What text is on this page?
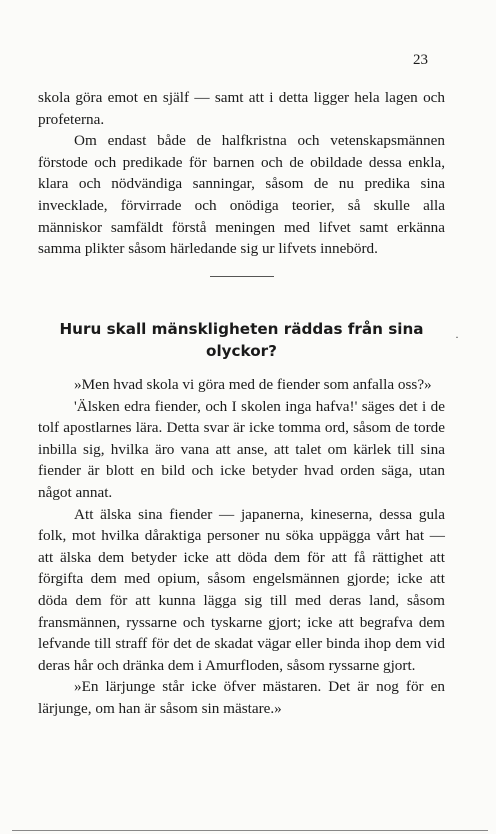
23

skola göra emot en själf — samt att i detta ligger hela lagen och profeterna.

Om endast både de halfkristna och vetenskapsmännen förstode och predikade för barnen och de obildade dessa enkla, klara och nödvändiga sanningar, såsom de nu predika sina invecklade, förvirrade och onödiga teorier, så skulle alla människor samfäldt förstå meningen med lifvet samt erkänna samma plikter såsom härledande sig ur lifvets innebörd.

Huru skall mänskligheten räddas från sina olyckor?
·

»Men hvad skola vi göra med de fiender som anfalla oss?»

'Älsken edra fiender, och I skolen inga hafva!' säges det i de tolf apostlarnes lära. Detta svar är icke tomma ord, såsom de torde inbilla sig, hvilka äro vana att anse, att talet om kärlek till sina fiender är blott en bild och icke betyder hvad orden säga, utan något annat.

Att älska sina fiender — japanerna, kineserna, dessa gula folk, mot hvilka dåraktiga personer nu söka uppägga vårt hat — att älska dem betyder icke att döda dem för att få rättighet att förgifta dem med opium, såsom engelsmännen gjorde; icke att döda dem för att kunna lägga sig till med deras land, såsom fransmännen, ryssarne och tyskarne gjort; icke att begrafva dem lefvande till straff för det de skadat vägar eller binda ihop dem vid deras hår och dränka dem i Amurfloden, såsom ryssarne gjort.

»En lärjunge står icke öfver mästaren. Det är nog för en lärjunge, om han är såsom sin mästare.»
